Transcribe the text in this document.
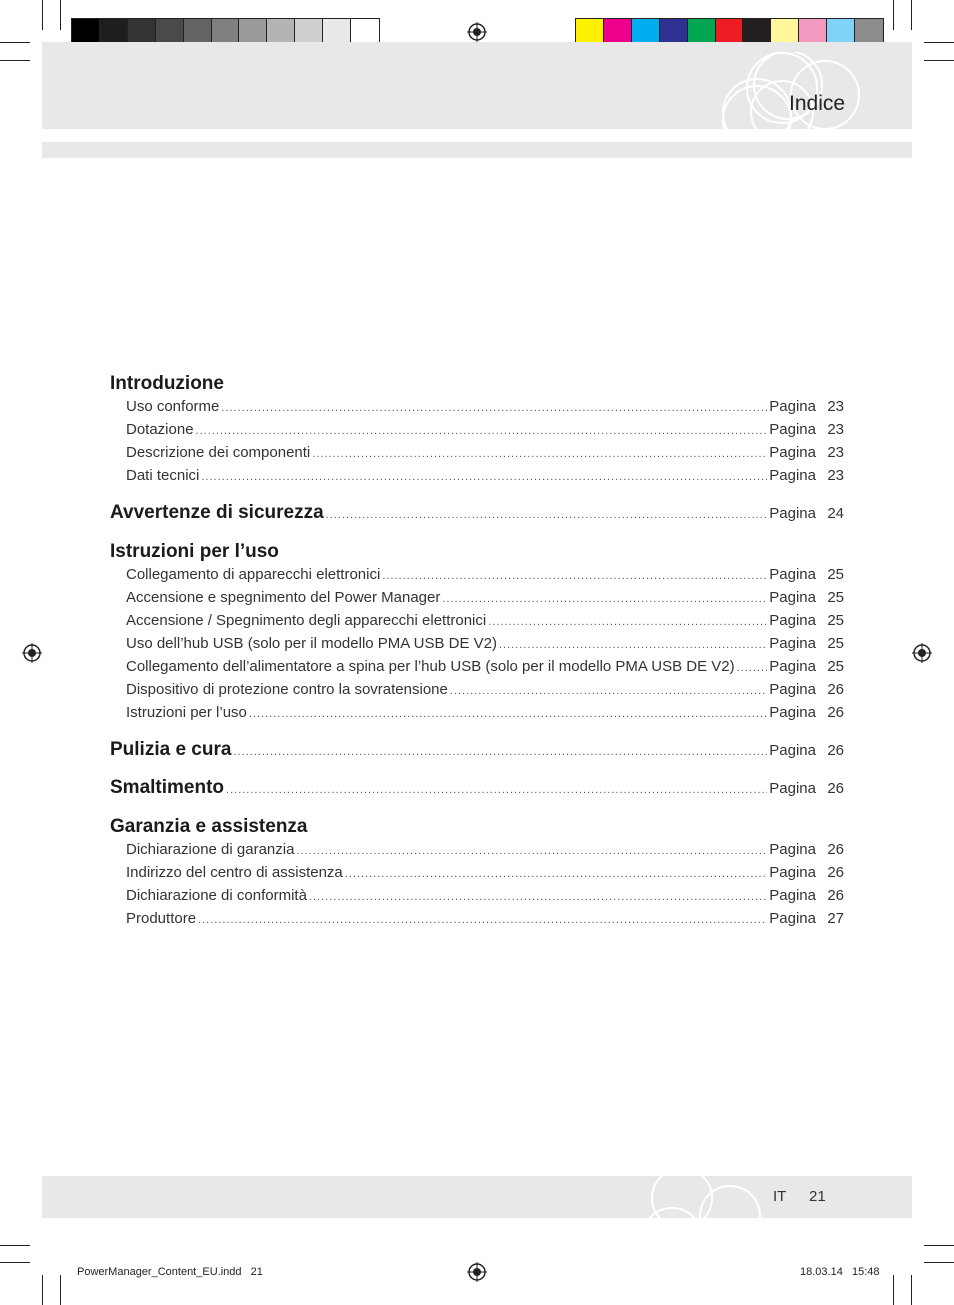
Indice
Introduzione
Uso conforme .....	Pagina 23
Dotazione .....	Pagina 23
Descrizione dei componenti .....	Pagina 23
Dati tecnici .....	Pagina 23
Avvertenze di sicurezza .....	Pagina 24
Istruzioni per l’uso
Collegamento di apparecchi elettronici .....	Pagina 25
Accensione e spegnimento del Power Manager .....	Pagina 25
Accensione / Spegnimento degli apparecchi elettronici .....	Pagina 25
Uso dell’hub USB (solo per il modello PMA USB DE V2) .....	Pagina 25
Collegamento dell’alimentatore a spina per l’hub USB (solo per il modello PMA USB DE V2) ..... Pagina 25
Dispositivo di protezione contro la sovratensione .....	Pagina 26
Istruzioni per l’uso .....	Pagina 26
Pulizia e cura .....	Pagina 26
Smaltimento .....	Pagina 26
Garanzia e assistenza
Dichiarazione di garanzia .....	Pagina 26
Indirizzo del centro di assistenza .....	Pagina 26
Dichiarazione di conformità .....	Pagina 26
Produttore .....	Pagina 27
IT 21
PowerManager_Content_EU.indd   21	18.03.14   15:48
